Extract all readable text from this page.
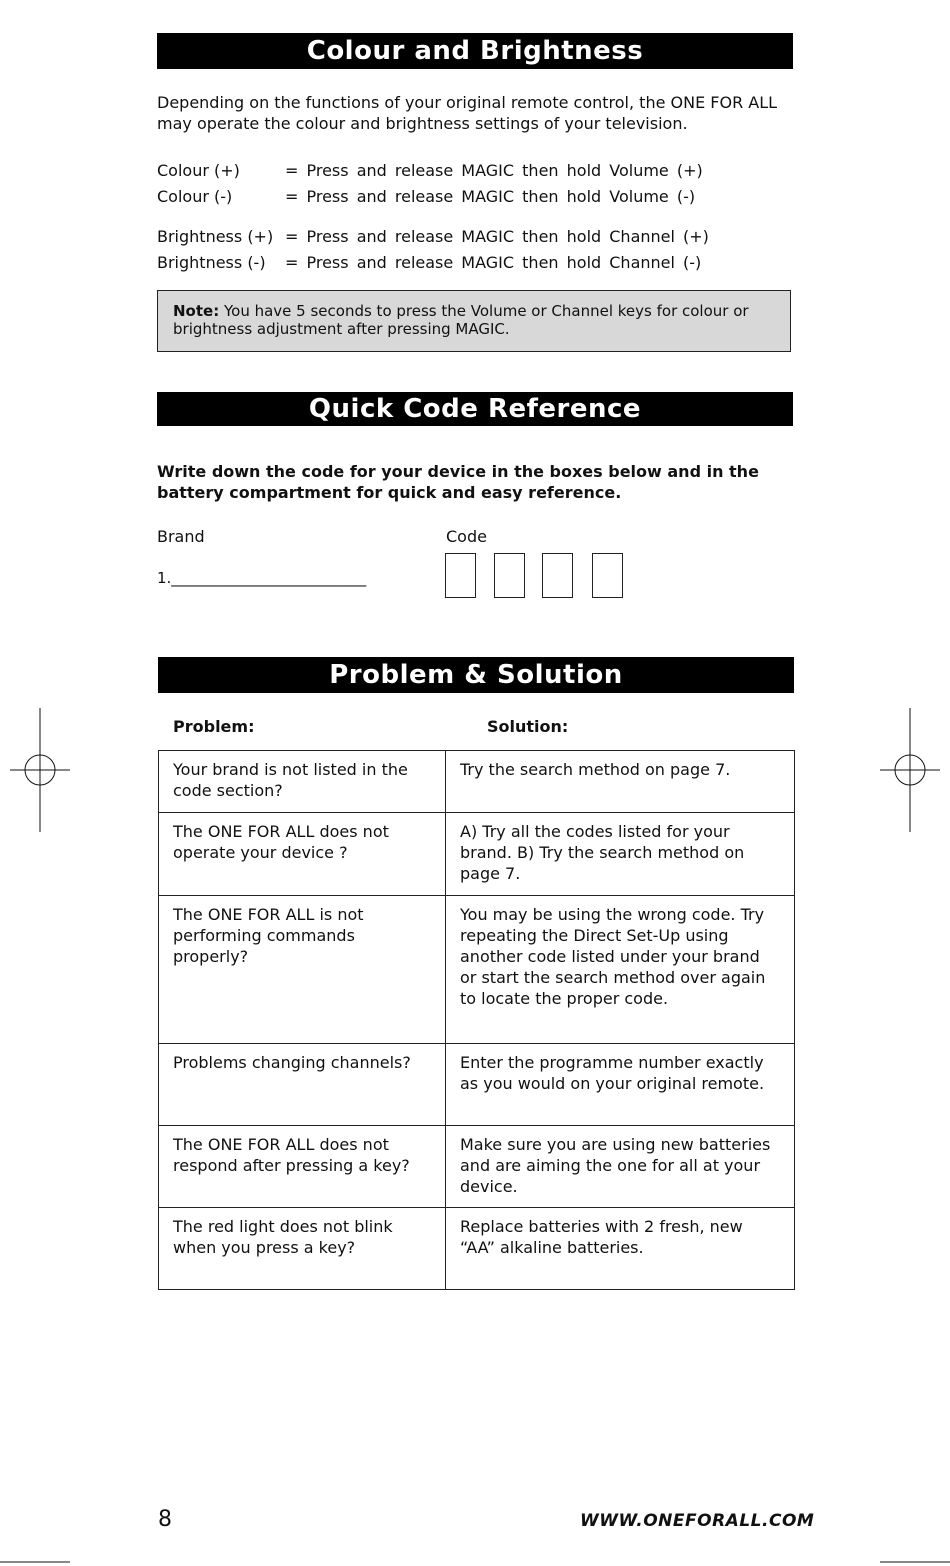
Colour and Brightness
Depending on the functions of your original remote control, the ONE FOR ALL may operate the colour and brightness settings of your television.
Colour (+)	= Press and release MAGIC then hold Volume (+)
Colour (-)	= Press and release MAGIC then hold Volume (-)
Brightness (+) = Press and release MAGIC then hold Channel (+)
Brightness (-) = Press and release MAGIC then hold Channel (-)
Note: You have 5 seconds to press the Volume or Channel keys for colour or brightness adjustment after pressing MAGIC.
Quick Code Reference
Write down the code for your device in the boxes below and in the battery compartment for quick and easy reference.
Brand	Code
1.__________________________
Problem & Solution
Problem:	Solution:
Your brand is not listed in the code section?	Try the search method on page 7.
The ONE FOR ALL does not operate your device ?	A) Try all the codes listed for your brand. B) Try the search method on page 7.
The ONE FOR ALL is not performing commands properly?	You may be using the wrong code. Try repeating the Direct Set-Up using another code listed under your brand or start the search method over again to locate the proper code.
Problems changing channels?	Enter the programme number exactly as you would on your original remote.
The ONE FOR ALL does not respond after pressing a key?	Make sure you are using new batteries and are aiming the one for all at your device.
The red light does not blink when you press a key?	Replace batteries with 2 fresh, new “AA” alkaline batteries.
8	WWW.ONEFORALL.COM
